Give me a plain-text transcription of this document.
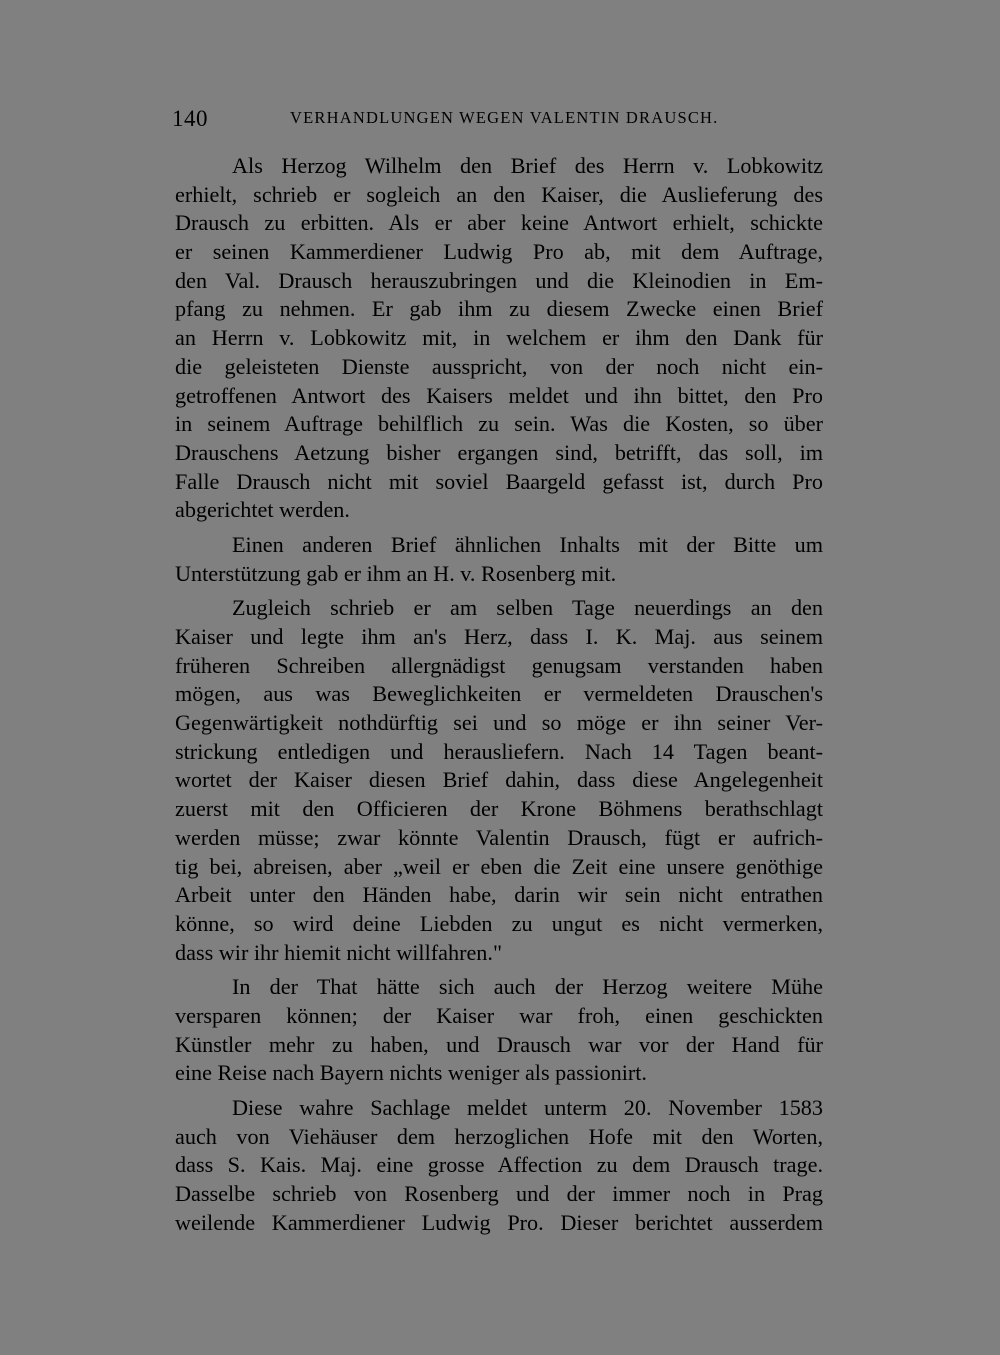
140	VERHANDLUNGEN WEGEN VALENTIN DRAUSCH.
Als Herzog Wilhelm den Brief des Herrn v. Lobkowitz
erhielt, schrieb er sogleich an den Kaiser, die Auslieferung des
Drausch zu erbitten. Als er aber keine Antwort erhielt, schickte
er seinen Kammerdiener Ludwig Pro ab, mit dem Auftrage,
den Val. Drausch herauszubringen und die Kleinodien in Em-
pfang zu nehmen. Er gab ihm zu diesem Zwecke einen Brief
an Herrn v. Lobkowitz mit, in welchem er ihm den Dank für
die geleisteten Dienste ausspricht, von der noch nicht ein-
getroffenen Antwort des Kaisers meldet und ihn bittet, den Pro
in seinem Auftrage behilflich zu sein. Was die Kosten, so über
Drauschens Aetzung bisher ergangen sind, betrifft, das soll, im
Falle Drausch nicht mit soviel Baargeld gefasst ist, durch Pro
abgerichtet werden.
Einen anderen Brief ähnlichen Inhalts mit der Bitte um
Unterstützung gab er ihm an H. v. Rosenberg mit.
Zugleich schrieb er am selben Tage neuerdings an den
Kaiser und legte ihm an's Herz, dass I. K. Maj. aus seinem
früheren Schreiben allergnädigst genugsam verstanden haben
mögen, aus was Beweglichkeiten er vermeldeten Drauschen's
Gegenwärtigkeit nothdürftig sei und so möge er ihn seiner Ver-
strickung entledigen und herausliefern. Nach 14 Tagen beant-
wortet der Kaiser diesen Brief dahin, dass diese Angelegenheit
zuerst mit den Officieren der Krone Böhmens berathschlagt
werden müsse; zwar könnte Valentin Drausch, fügt er aufrich-
tig bei, abreisen, aber „weil er eben die Zeit eine unsere genöthige
Arbeit unter den Händen habe, darin wir sein nicht entrathen
könne, so wird deine Liebden zu ungut es nicht vermerken,
dass wir ihr hiemit nicht willfahren."
In der That hätte sich auch der Herzog weitere Mühe
versparen können; der Kaiser war froh, einen geschickten
Künstler mehr zu haben, und Drausch war vor der Hand für
eine Reise nach Bayern nichts weniger als passionirt.
Diese wahre Sachlage meldet unterm 20. November 1583
auch von Viehäuser dem herzoglichen Hofe mit den Worten,
dass S. Kais. Maj. eine grosse Affection zu dem Drausch trage.
Dasselbe schrieb von Rosenberg und der immer noch in Prag
weilende Kammerdiener Ludwig Pro. Dieser berichtet ausserdem
